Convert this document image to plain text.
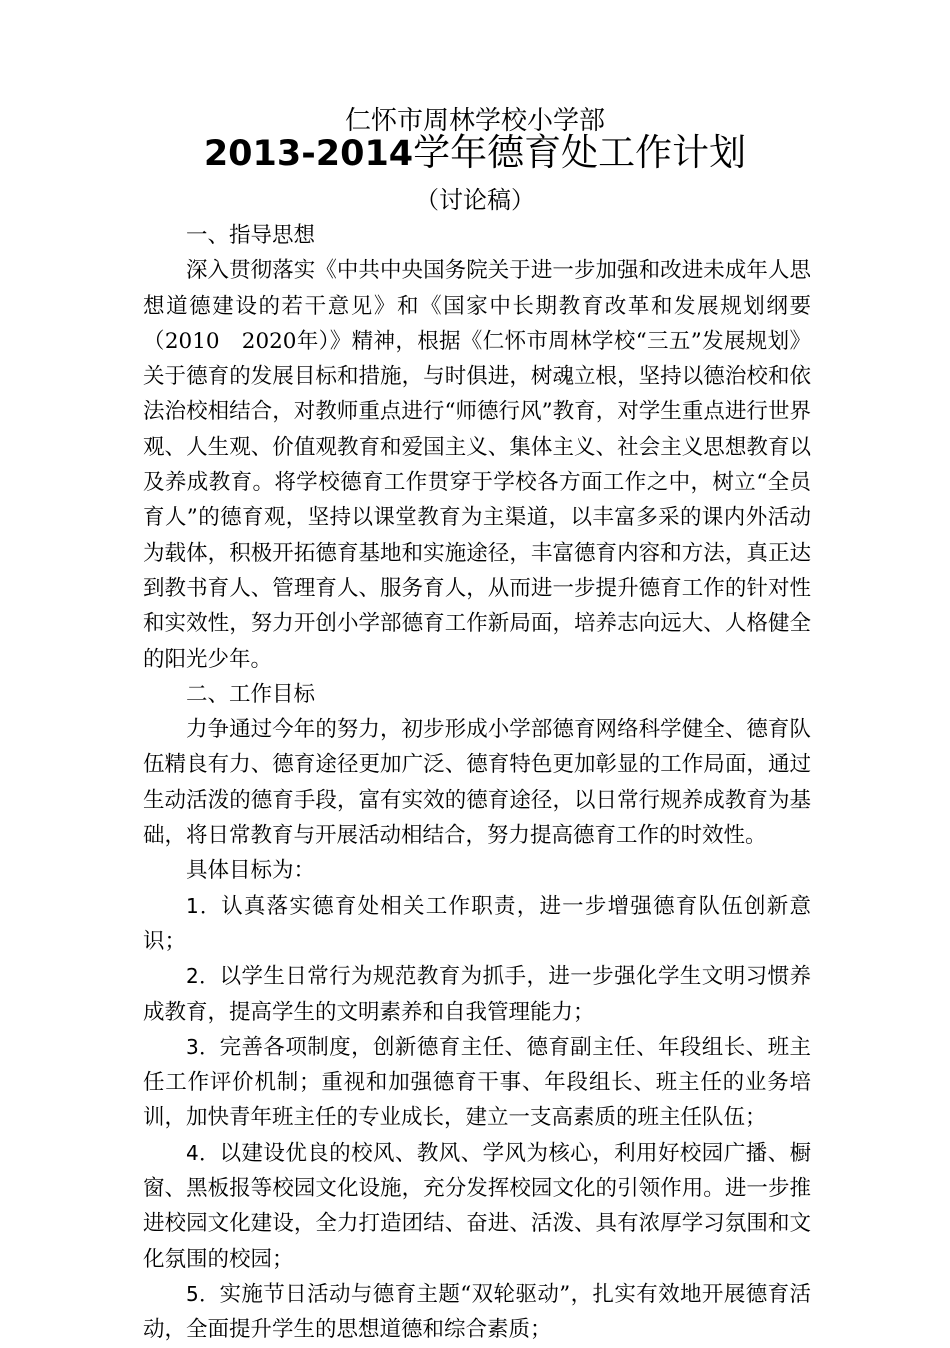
仁怀市周林学校小学部
2013-2014学年德育处工作计划
（讨论稿）

一、指导思想

深入贯彻落实《中共中央国务院关于进一步加强和改进未成年人思想道德建设的若干意见》和《国家中长期教育改革和发展规划纲要（2010　2020年）》精神，根据《仁怀市周林学校“三五”发展规划》关于德育的发展目标和措施，与时俱进，树魂立根，坚持以德治校和依法治校相结合，对教师重点进行“师德行风”教育，对学生重点进行世界观、人生观、价值观教育和爱国主义、集体主义、社会主义思想教育以及养成教育。将学校德育工作贯穿于学校各方面工作之中，树立“全员育人”的德育观，坚持以课堂教育为主渠道，以丰富多采的课内外活动为载体，积极开拓德育基地和实施途径，丰富德育内容和方法，真正达到教书育人、管理育人、服务育人，从而进一步提升德育工作的针对性和实效性，努力开创小学部德育工作新局面，培养志向远大、人格健全的阳光少年。

二、工作目标

力争通过今年的努力，初步形成小学部德育网络科学健全、德育队伍精良有力、德育途径更加广泛、德育特色更加彰显的工作局面，通过生动活泼的德育手段，富有实效的德育途径，以日常行规养成教育为基础，将日常教育与开展活动相结合，努力提高德育工作的时效性。

具体目标为：

1．认真落实德育处相关工作职责，进一步增强德育队伍创新意识；

2．以学生日常行为规范教育为抓手，进一步强化学生文明习惯养成教育，提高学生的文明素养和自我管理能力；

3．完善各项制度，创新德育主任、德育副主任、年段组长、班主任工作评价机制；重视和加强德育干事、年段组长、班主任的业务培训，加快青年班主任的专业成长，建立一支高素质的班主任队伍；

4．以建设优良的校风、教风、学风为核心，利用好校园广播、橱窗、黑板报等校园文化设施，充分发挥校园文化的引领作用。进一步推进校园文化建设，全力打造团结、奋进、活泼、具有浓厚学习氛围和文化氛围的校园；

5．实施节日活动与德育主题“双轮驱动”，扎实有效地开展德育活动，全面提升学生的思想道德和综合素质；
